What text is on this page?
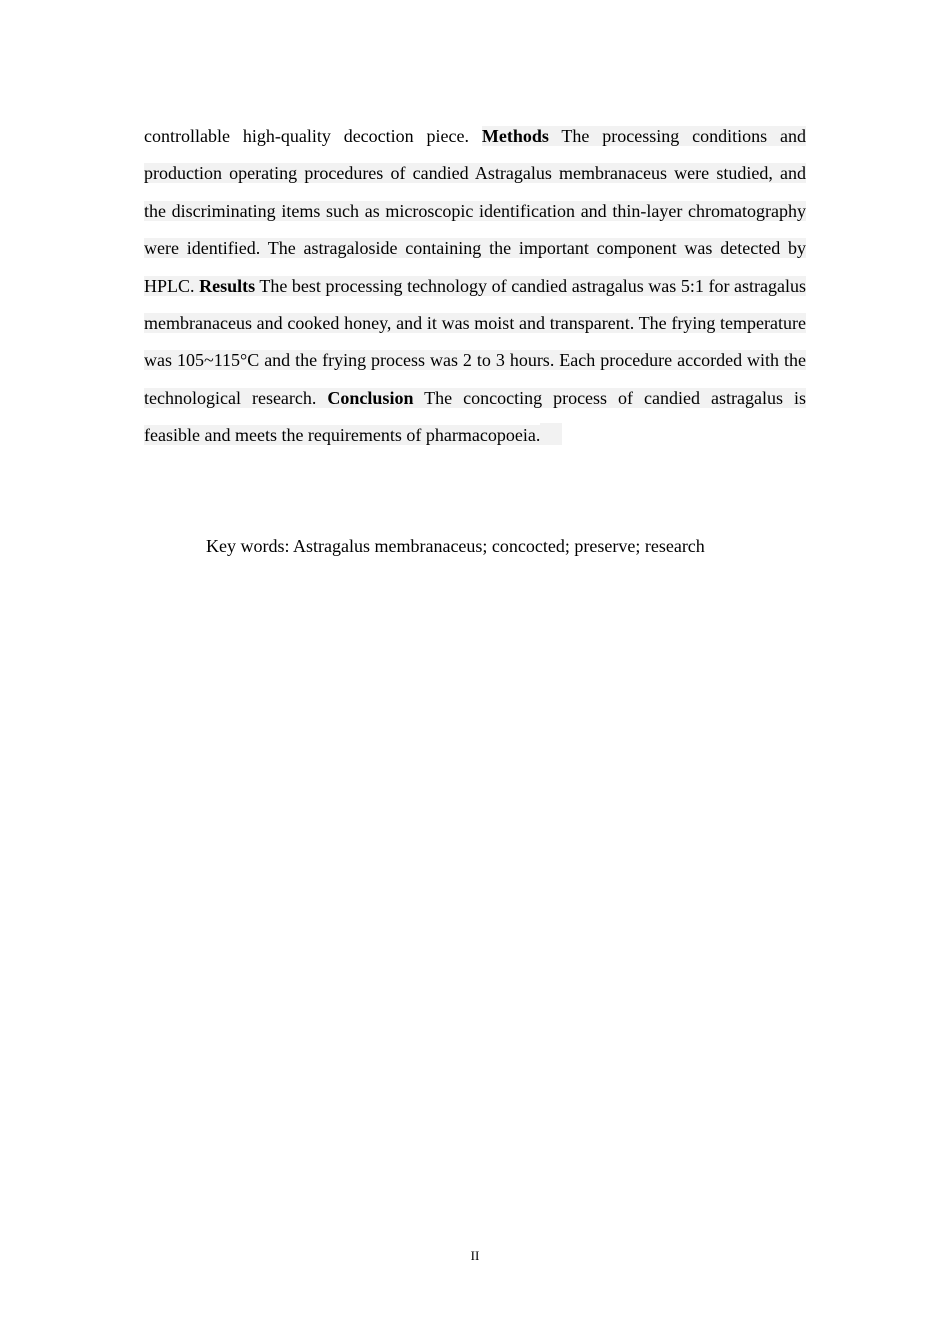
controllable high-quality decoction piece. Methods The processing conditions and production operating procedures of candied Astragalus membranaceus were studied, and the discriminating items such as microscopic identification and thin-layer chromatography were identified. The astragaloside containing the important component was detected by HPLC. Results The best processing technology of candied astragalus was 5:1 for astragalus membranaceus and cooked honey, and it was moist and transparent. The frying temperature was 105~115°C and the frying process was 2 to 3 hours. Each procedure accorded with the technological research. Conclusion The concocting process of candied astragalus is feasible and meets the requirements of pharmacopoeia.

Key words: Astragalus membranaceus; concocted; preserve; research

II
